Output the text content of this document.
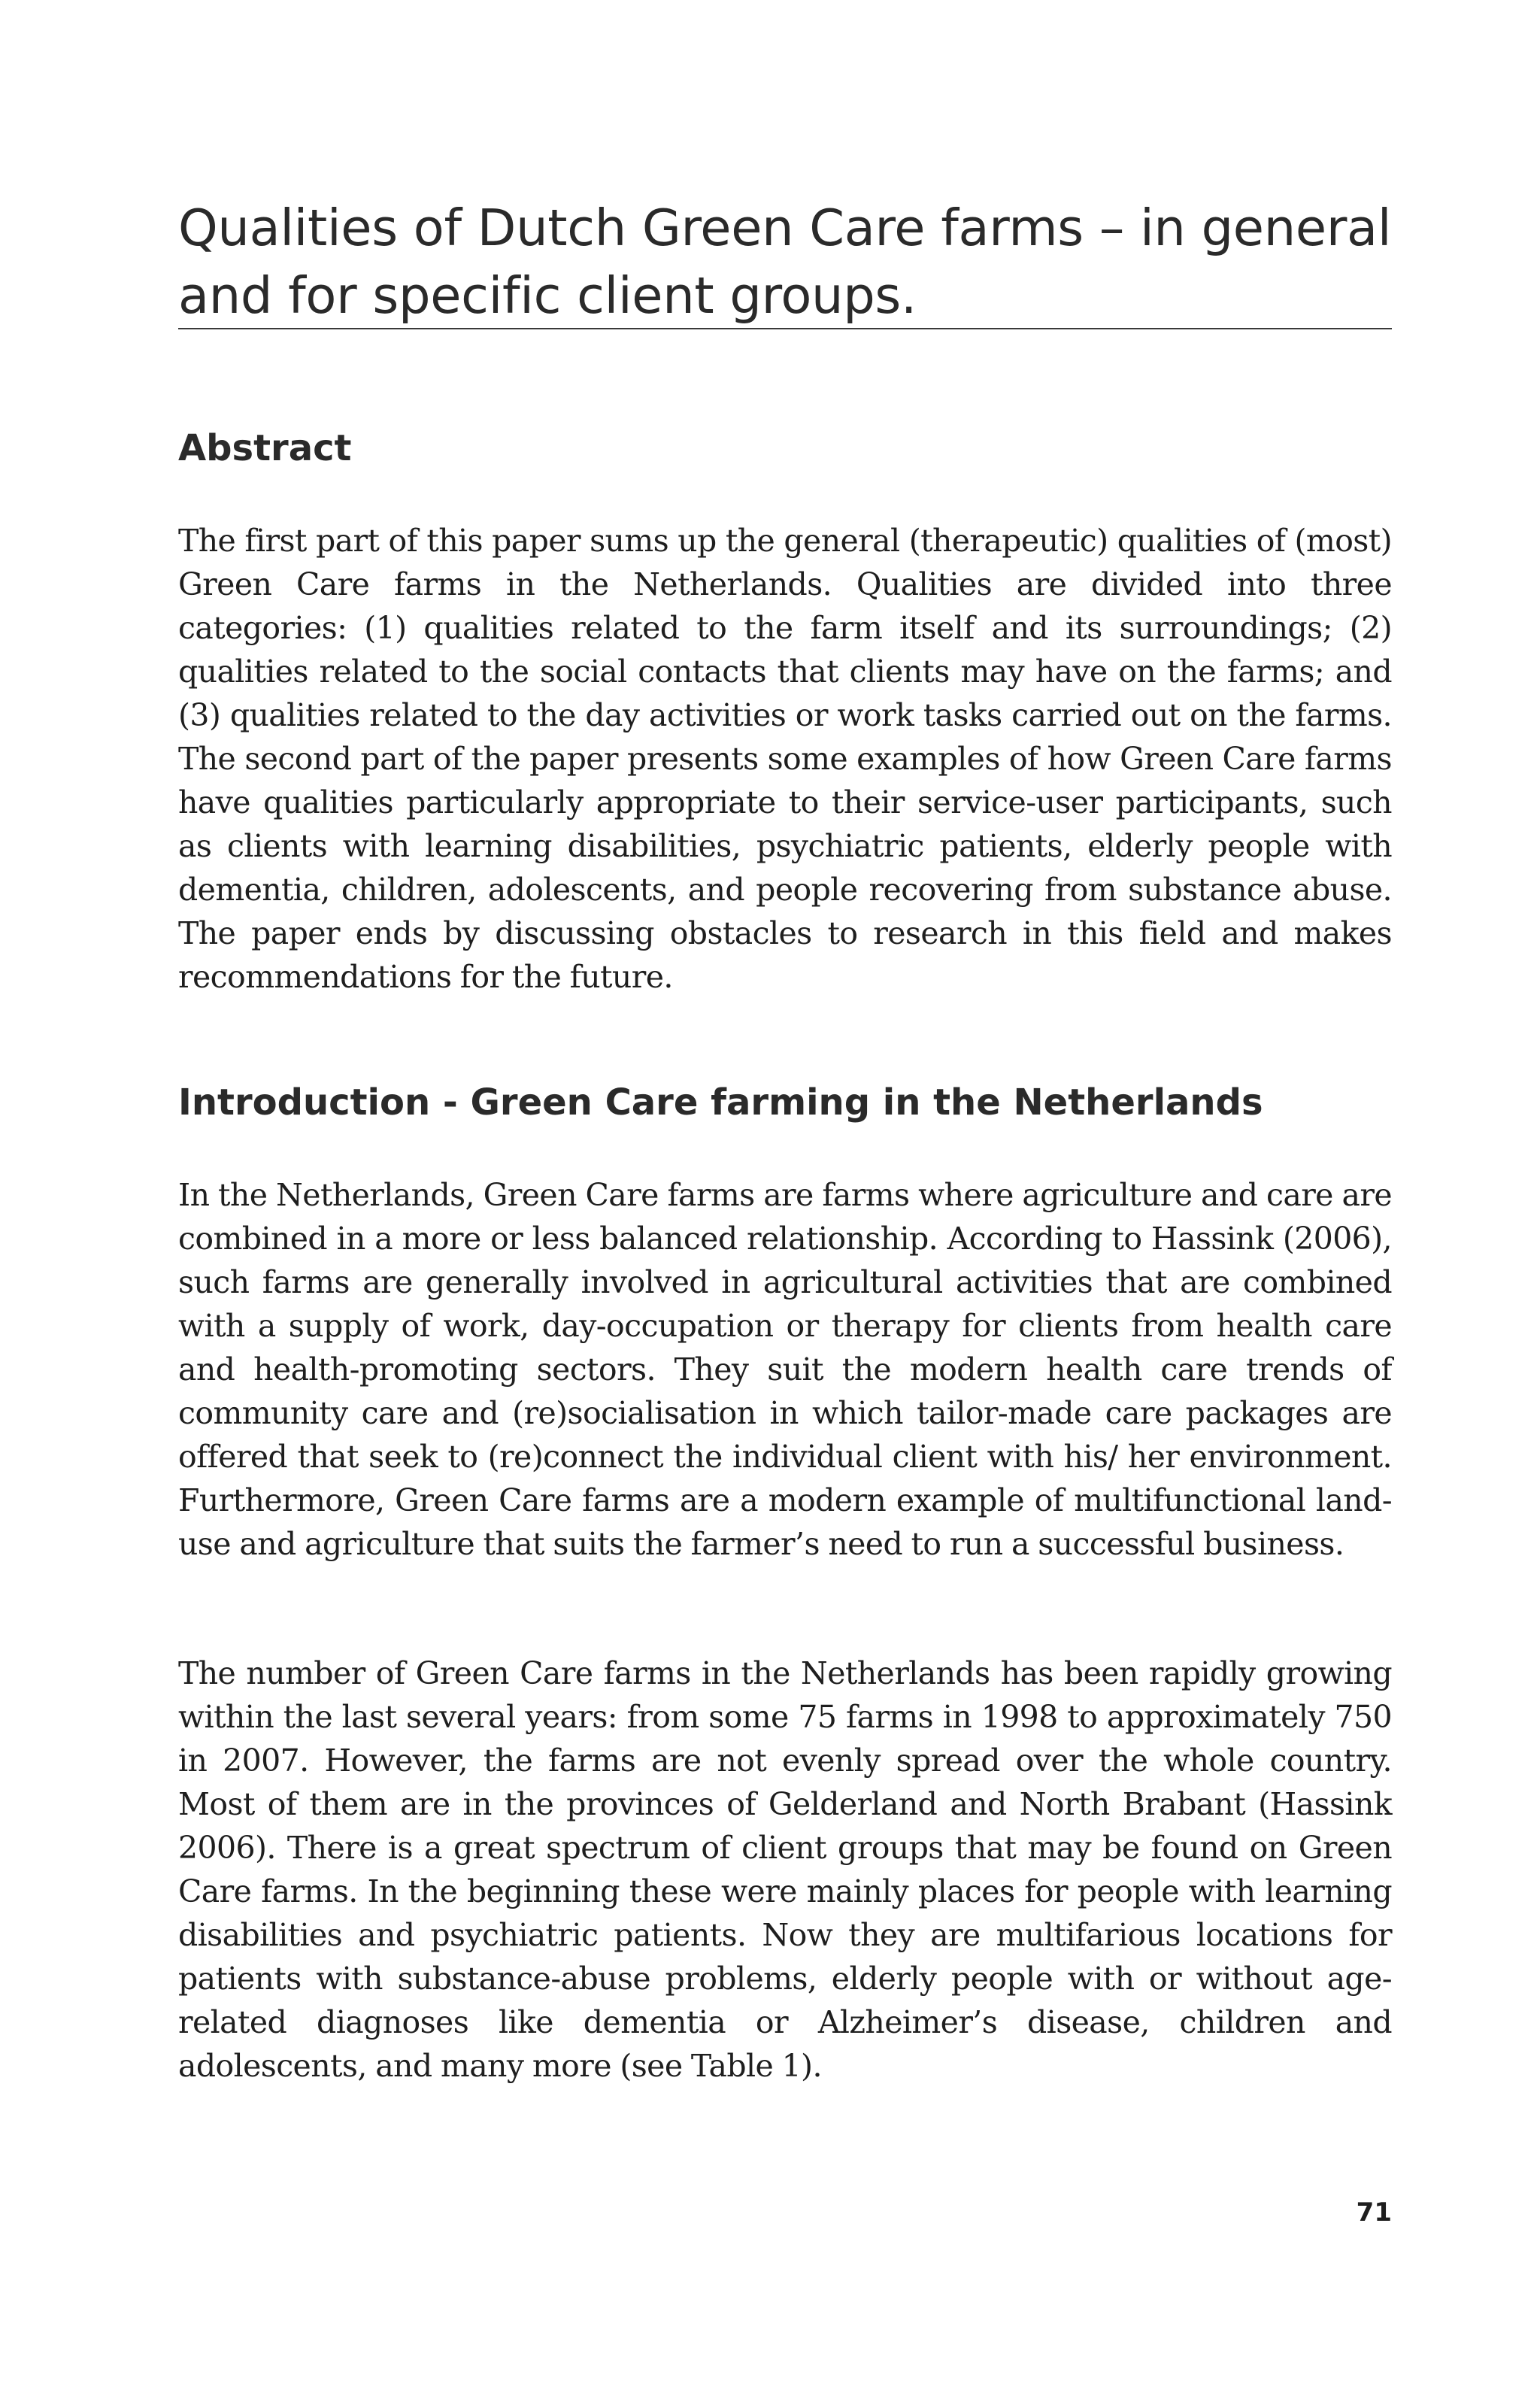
Qualities of Dutch Green Care farms – in general and for specific client groups.
Abstract

The first part of this paper sums up the general (therapeutic) qualities of (most) Green Care farms in the Netherlands. Qualities are divided into three categories: (1) qualities related to the farm itself and its surroundings; (2) qualities related to the social contacts that clients may have on the farms; and (3) qualities related to the day activities or work tasks carried out on the farms. The second part of the paper presents some examples of how Green Care farms have qualities particularly appropriate to their service-user participants, such as clients with learning disabilities, psychiatric patients, elderly people with dementia, children, adolescents, and people recovering from substance abuse. The paper ends by discussing obstacles to research in this field and makes recommendations for the future.

Introduction - Green Care farming in the Netherlands

In the Netherlands, Green Care farms are farms where agriculture and care are combined in a more or less balanced relationship. According to Hassink (2006), such farms are generally involved in agricultural activities that are combined with a supply of work, day-occupation or therapy for clients from health care and health-promoting sectors. They suit the modern health care trends of community care and (re)socialisation in which tailor-made care packages are offered that seek to (re)connect the individual client with his/ her environment. Furthermore, Green Care farms are a modern example of multifunctional land-use and agriculture that suits the farmer’s need to run a successful business.

The number of Green Care farms in the Netherlands has been rapidly growing within the last several years: from some 75 farms in 1998 to approximately 750 in 2007. However, the farms are not evenly spread over the whole country. Most of them are in the provinces of Gelderland and North Brabant (Hassink 2006). There is a great spectrum of client groups that may be found on Green Care farms. In the beginning these were mainly places for people with learning disabilities and psychiatric patients. Now they are multifarious locations for patients with substance-abuse problems, elderly people with or without age-related diagnoses like dementia or Alzheimer’s disease, children and adolescents, and many more (see Table 1).

71
